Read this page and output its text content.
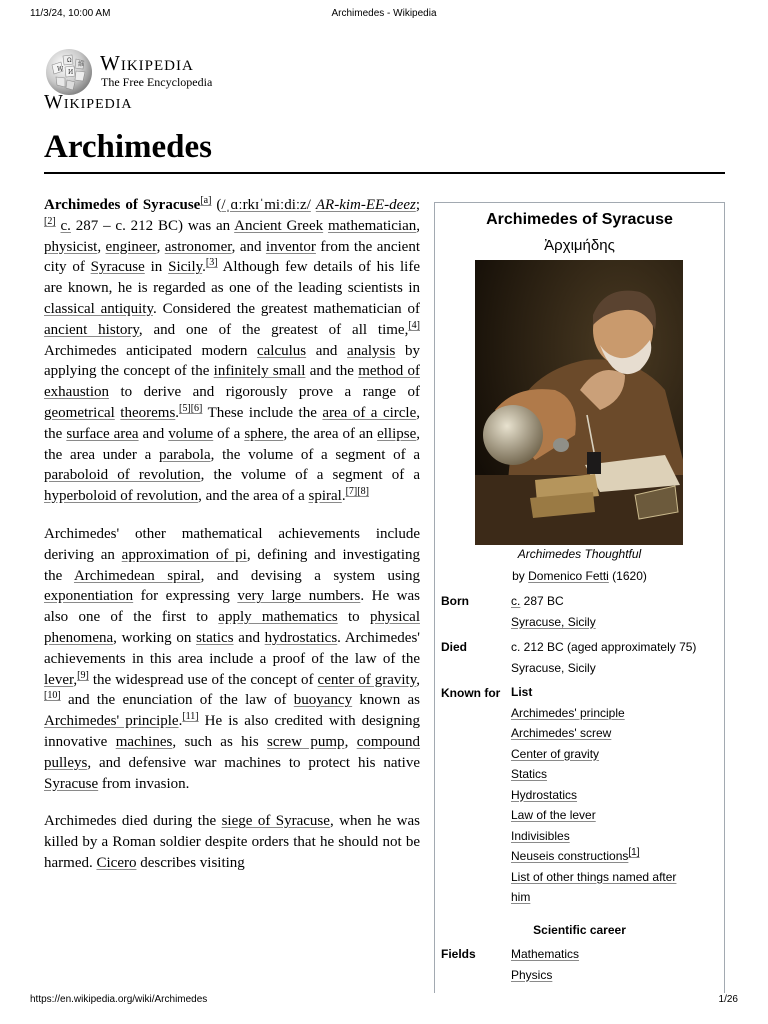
11/3/24, 10:00 AM	Archimedes - Wikipedia
W
Ω
И
維 Wikipedia
The Free Encyclopedia
Wikipedia
Archimedes

Archimedes of Syracuse[a] (/ˌɑːrkɪˈmiːdiːz/ AR-kim-EE-deez;[2] c. 287 – c. 212 BC) was an Ancient Greek mathematician, physicist, engineer, astronomer, and inventor from the ancient city of Syracuse in Sicily.[3] Although few details of his life are known, he is regarded as one of the leading scientists in classical antiquity. Considered the greatest mathematician of ancient history, and one of the greatest of all time,[4] Archimedes anticipated modern calculus and analysis by applying the concept of the infinitely small and the method of exhaustion to derive and rigorously prove a range of geometrical theorems.[5][6] These include the area of a circle, the surface area and volume of a sphere, the area of an ellipse, the area under a parabola, the volume of a segment of a paraboloid of revolution, the volume of a segment of a hyperboloid of revolution, and the area of a spiral.[7][8]

Archimedes' other mathematical achievements include deriving an approximation of pi, defining and investigating the Archimedean spiral, and devising a system using exponentiation for expressing very large numbers. He was also one of the first to apply mathematics to physical phenomena, working on statics and hydrostatics. Archimedes' achievements in this area include a proof of the law of the lever,[9] the widespread use of the concept of center of gravity,[10] and the enunciation of the law of buoyancy known as Archimedes' principle.[11] He is also credited with designing innovative machines, such as his screw pump, compound pulleys, and defensive war machines to protect his native Syracuse from invasion.

Archimedes died during the siege of Syracuse, when he was killed by a Roman soldier despite orders that he should not be harmed. Cicero describes visiting

Archimedes of Syracuse
Ἀρχιμήδης
Archimedes Thoughtful
by Domenico Fetti (1620)
Born	c. 287 BC
Syracuse, Sicily
Died	c. 212 BC (aged approximately 75)
Syracuse, Sicily
Known for List
Archimedes' principle
Archimedes' screw
Center of gravity
Statics
Hydrostatics
Law of the lever
Indivisibles
Neuseis constructions[1]
List of other things named after
him
Scientific career
Fields	Mathematics
Physics
https://en.wikipedia.org/wiki/Archimedes	1/26
